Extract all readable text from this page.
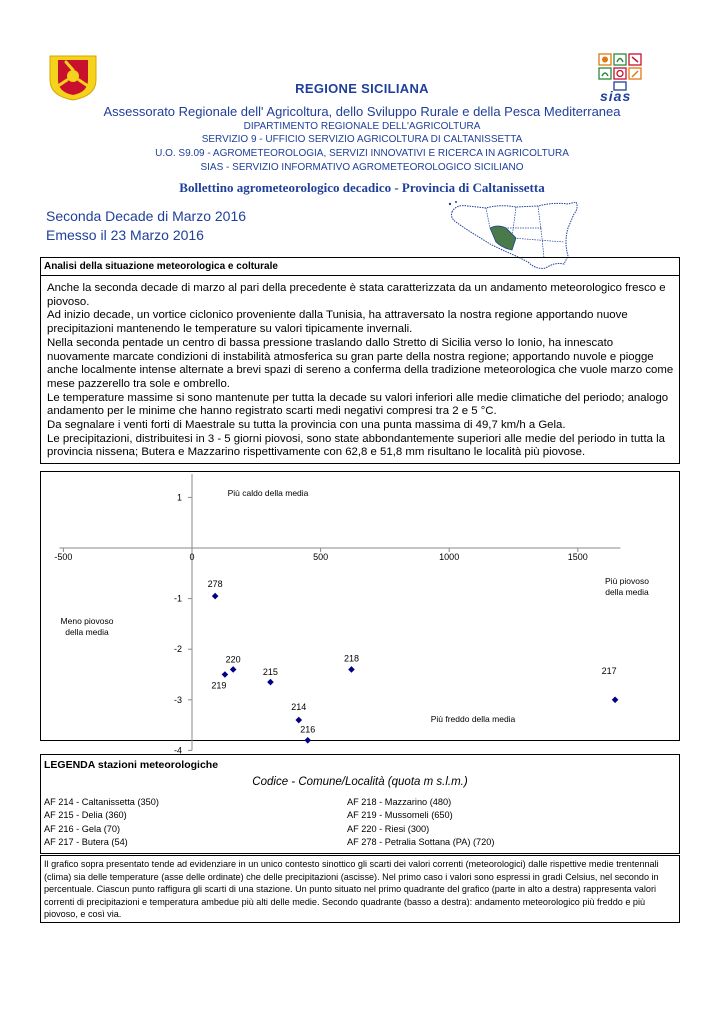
sias
REGIONE SICILIANA
Assessorato Regionale dell' Agricoltura, dello Sviluppo Rurale e della Pesca Mediterranea
DIPARTIMENTO REGIONALE DELL'AGRICOLTURA
SERVIZIO 9 - UFFICIO SERVIZIO AGRICOLTURA DI CALTANISSETTA
U.O. S9.09 - AGROMETEOROLOGIA, SERVIZI INNOVATIVI E RICERCA IN AGRICOLTURA
SIAS - SERVIZIO INFORMATIVO AGROMETEOROLOGICO SICILIANO
Bollettino agrometeorologico decadico - Provincia di Caltanissetta
Seconda Decade di Marzo 2016
Emesso il 23 Marzo 2016
Analisi della situazione meteorologica e colturale

Anche la seconda decade di marzo al pari della precedente è stata caratterizzata da un andamento meteorologico fresco e piovoso.

Ad inizio decade, un vortice ciclonico proveniente dalla Tunisia, ha attraversato la nostra regione apportando nuove precipitazioni mantenendo le temperature su valori tipicamente invernali.

Nella seconda pentade un centro di bassa pressione traslando dallo Stretto di Sicilia verso lo Ionio, ha innescato nuovamente marcate condizioni di instabilità atmosferica su gran parte della nostra regione; apportando nuvole e piogge anche localmente intense alternate a brevi spazi di sereno a conferma della tradizione meteorologica che vuole marzo come mese pazzerello tra sole e ombrello.

Le temperature massime si sono mantenute per tutta la decade su valori inferiori alle medie climatiche del periodo; analogo andamento per le minime che hanno registrato scarti medi negativi compresi tra 2 e 5 °C.

Da segnalare i venti forti di Maestrale su tutta la provincia con una punta massima di 49,7 km/h a Gela.

Le precipitazioni, distribuitesi in 3 - 5 giorni piovosi, sono state abbondantemente superiori alle medie del periodo in tutta la provincia nissena; Butera e Mazzarino rispettivamente con 62,8 e 51,8 mm risultano le località più piovose.

-500	0	500	1000	1500
1
-1
-2
-3
-4
Più caldo della media
Più piovoso
della media
Meno piovoso
della media
Più freddo della media
278
220
219
215
218
214
216
217
LEGENDA stazioni meteorologiche
Codice - Comune/Località (quota m s.l.m.)
AF 214 - Caltanissetta (350)
AF 215 - Delia (360)
AF 216 - Gela (70)
AF 217 - Butera (54)
AF 218 - Mazzarino (480)
AF 219 - Mussomeli (650)
AF 220 - Riesi (300)
AF 278 - Petralia Sottana (PA) (720)
Il grafico sopra presentato tende ad evidenziare in un unico contesto sinottico gli scarti dei valori correnti (meteorologici) dalle rispettive medie trentennali (clima) sia delle temperature (asse delle ordinate) che delle precipitazioni (ascisse). Nel primo caso i valori sono espressi in gradi Celsius, nel secondo in percentuale. Ciascun punto raffigura gli scarti di una stazione. Un punto situato nel primo quadrante del grafico (parte in alto a destra) rappresenta valori correnti di precipitazioni e temperatura ambedue più alti delle medie. Secondo quadrante (basso a destra): andamento meteorologico più freddo e più piovoso, e così via.
